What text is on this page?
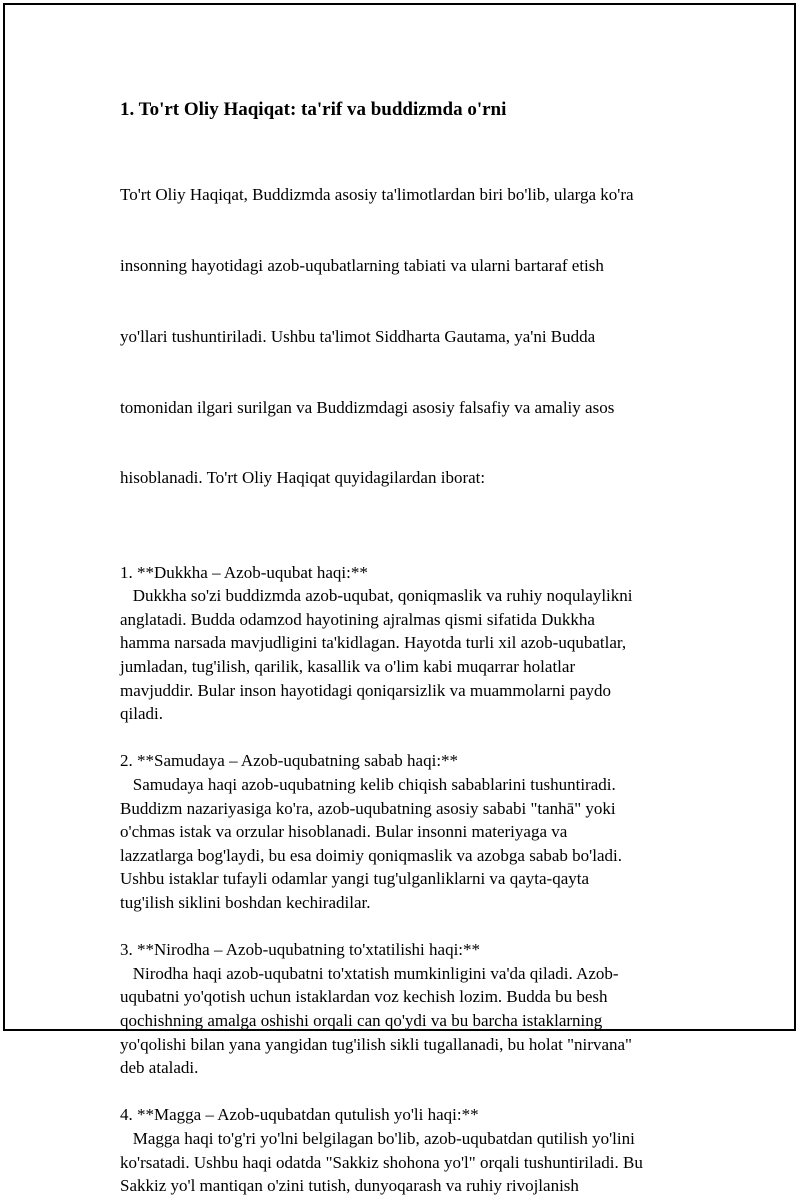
1. To'rt Oliy Haqiqat: ta'rif va buddizmda o'rni

To'rt Oliy Haqiqat, Buddizmda asosiy ta'limotlardan biri bo'lib, ularga ko'ra

insonning hayotidagi azob-uqubatlarning tabiati va ularni bartaraf etish

yo'llari tushuntiriladi. Ushbu ta'limot Siddharta Gautama, ya'ni Budda

tomonidan ilgari surilgan va Buddizmdagi asosiy falsafiy va amaliy asos

hisoblanadi. To'rt Oliy Haqiqat quyidagilardan iborat:

1. **Dukkha – Azob-uqubat haqi:**
Dukkha so'zi buddizmda azob-uqubat, qoniqmaslik va ruhiy noqulaylikni
anglatadi. Budda odamzod hayotining ajralmas qismi sifatida Dukkha
hamma narsada mavjudligini ta'kidlagan. Hayotda turli xil azob-uqubatlar,
jumladan, tug'ilish, qarilik, kasallik va o'lim kabi muqarrar holatlar
mavjuddir. Bular inson hayotidagi qoniqarsizlik va muammolarni paydo
qiladi.
2. **Samudaya – Azob-uqubatning sabab haqi:**
Samudaya haqi azob-uqubatning kelib chiqish sabablarini tushuntiradi.
Buddizm nazariyasiga ko'ra, azob-uqubatning asosiy sababi "tanhā" yoki
o'chmas istak va orzular hisoblanadi. Bular insonni materiyaga va
lazzatlarga bog'laydi, bu esa doimiy qoniqmaslik va azobga sabab bo'ladi.
Ushbu istaklar tufayli odamlar yangi tug'ulganliklarni va qayta-qayta
tug'ilish siklini boshdan kechiradilar.
3. **Nirodha – Azob-uqubatning to'xtatilishi haqi:**
Nirodha haqi azob-uqubatni to'xtatish mumkinligini va'da qiladi. Azob-
uqubatni yo'qotish uchun istaklardan voz kechish lozim. Budda bu besh
qochishning amalga oshishi orqali can qo'ydi va bu barcha istaklarning
yo'qolishi bilan yana yangidan tug'ilish sikli tugallanadi, bu holat "nirvana"
deb ataladi.
4. **Magga – Azob-uqubatdan qutulish yo'li haqi:**
Magga haqi to'g'ri yo'lni belgilagan bo'lib, azob-uqubatdan qutilish yo'lini
ko'rsatadi. Ushbu haqi odatda "Sakkiz shohona yo'l" orqali tushuntiriladi. Bu
Sakkiz yo'l mantiqan o'zini tutish, dunyoqarash va ruhiy rivojlanish
